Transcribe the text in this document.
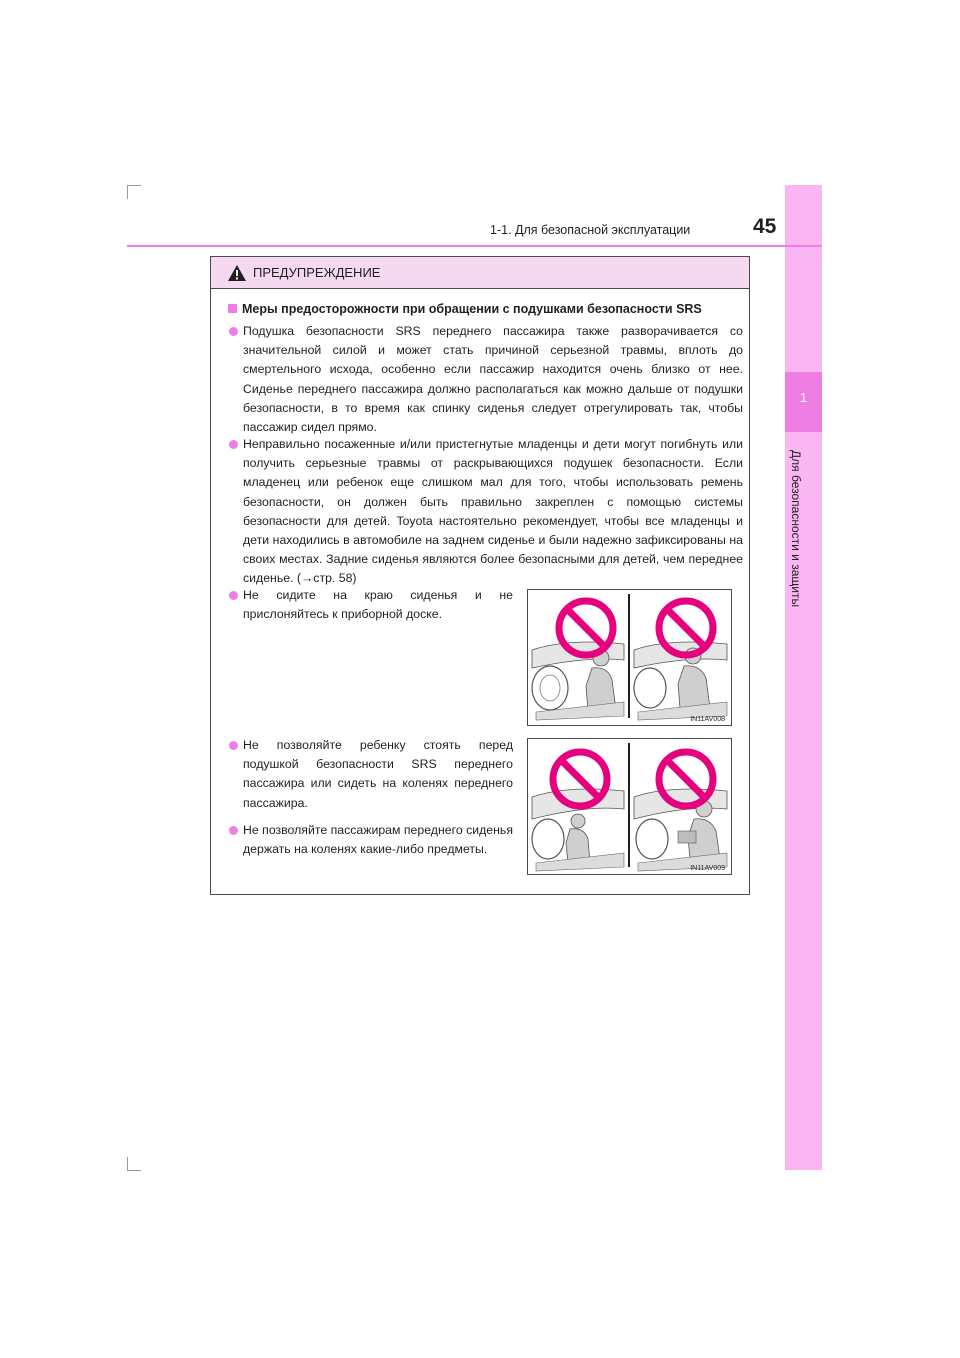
1
Для безопасности и защиты
1-1. Для безопасной эксплуатации	45
ПРЕДУПРЕЖДЕНИЕ
Меры предосторожности при обращении с подушками безопасности SRS
Подушка безопасности SRS переднего пассажира также разворачивается со значительной силой и может стать причиной серьезной травмы, вплоть до смертельного исхода, особенно если пассажир находится очень близко от нее. Сиденье переднего пассажира должно располагаться как можно дальше от подушки безопасности, в то время как спинку сиденья следует отрегулировать так, чтобы пассажир сидел прямо.
Неправильно посаженные и/или пристегнутые младенцы и дети могут погибнуть или получить серьезные травмы от раскрывающихся подушек безопасности. Если младенец или ребенок еще слишком мал для того, чтобы использовать ремень безопасности, он должен быть правильно закреплен с помощью системы безопасности для детей. Toyota настоятельно рекомендует, чтобы все младенцы и дети находились в автомобиле на заднем сиденье и были надежно зафиксированы на своих местах. Задние сиденья являются более безопасными для детей, чем переднее сиденье. (→стр. 58)
Не сидите на краю сиденья и не прислоняйтесь к приборной доске.
Не позволяйте ребенку стоять перед подушкой безопасности SRS переднего пассажира или сидеть на коленях переднего пассажира.
Не позволяйте пассажирам переднего сиденья держать на коленях какие-либо предметы.
IN11AV008
IN11AV009
